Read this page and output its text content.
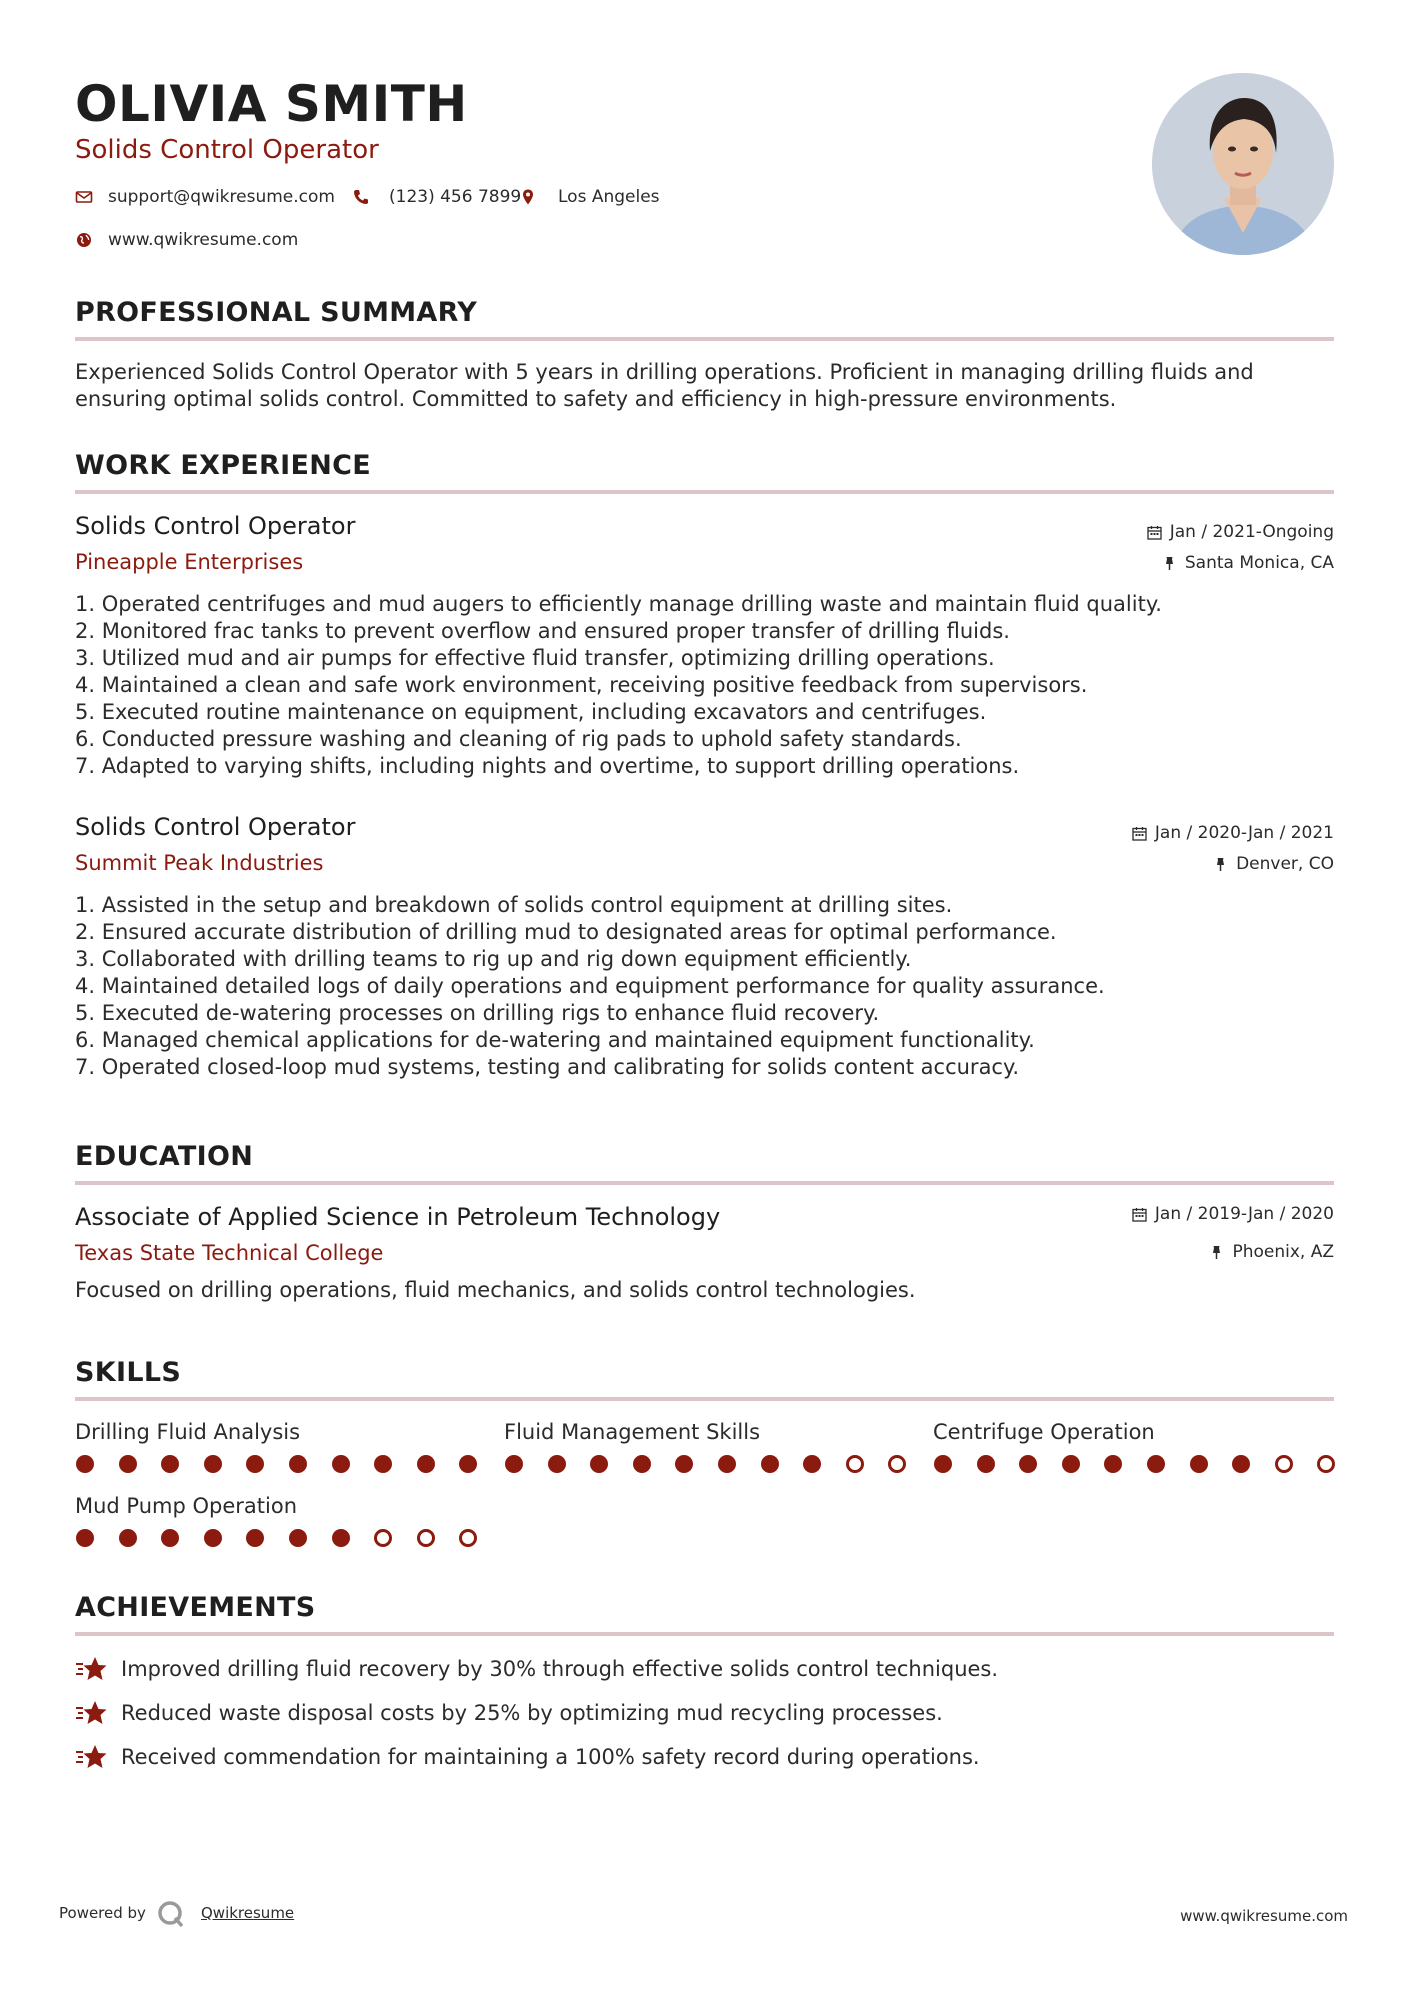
OLIVIA SMITH
Solids Control Operator
support@qwikresume.com	(123) 456 7899 Los Angeles
www.qwikresume.com
PROFESSIONAL SUMMARY
Experienced Solids Control Operator with 5 years in drilling operations. Proficient in managing drilling fluids and ensuring optimal solids control. Committed to safety and efficiency in high-pressure environments.
WORK EXPERIENCE
Solids Control Operator	Jan / 2021-Ongoing
Pineapple Enterprises	Santa Monica, CA
1. Operated centrifuges and mud augers to efficiently manage drilling waste and maintain fluid quality.
2. Monitored frac tanks to prevent overflow and ensured proper transfer of drilling fluids.
3. Utilized mud and air pumps for effective fluid transfer, optimizing drilling operations.
4. Maintained a clean and safe work environment, receiving positive feedback from supervisors.
5. Executed routine maintenance on equipment, including excavators and centrifuges.
6. Conducted pressure washing and cleaning of rig pads to uphold safety standards.
7. Adapted to varying shifts, including nights and overtime, to support drilling operations.
Solids Control Operator	Jan / 2020-Jan / 2021
Summit Peak Industries	Denver, CO
1. Assisted in the setup and breakdown of solids control equipment at drilling sites.
2. Ensured accurate distribution of drilling mud to designated areas for optimal performance.
3. Collaborated with drilling teams to rig up and rig down equipment efficiently.
4. Maintained detailed logs of daily operations and equipment performance for quality assurance.
5. Executed de-watering processes on drilling rigs to enhance fluid recovery.
6. Managed chemical applications for de-watering and maintained equipment functionality.
7. Operated closed-loop mud systems, testing and calibrating for solids content accuracy.
EDUCATION
Associate of Applied Science in Petroleum Technology	Jan / 2019-Jan / 2020
Texas State Technical College	Phoenix, AZ
Focused on drilling operations, fluid mechanics, and solids control technologies.
SKILLS
Drilling Fluid Analysis	Fluid Management Skills	Centrifuge Operation
Mud Pump Operation
ACHIEVEMENTS
Improved drilling fluid recovery by 30% through effective solids control techniques.
Reduced waste disposal costs by 25% by optimizing mud recycling processes.
Received commendation for maintaining a 100% safety record during operations.
Powered by	Qwikresume	www.qwikresume.com
